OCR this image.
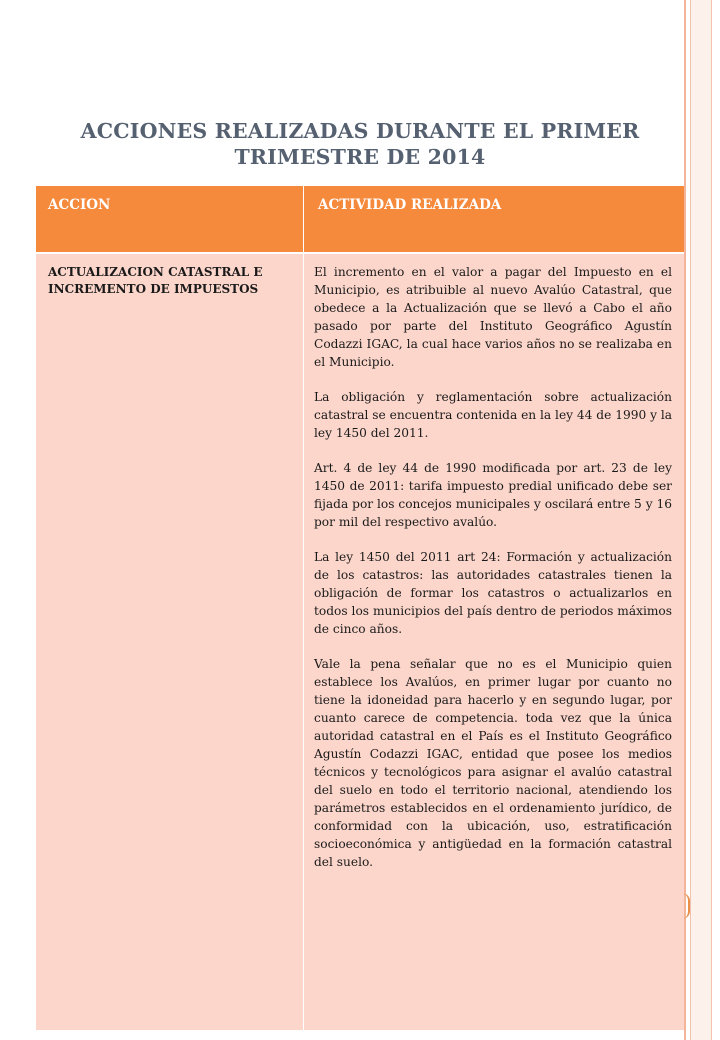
ACCIONES REALIZADAS DURANTE EL PRIMER TRIMESTRE DE 2014
ACCION	ACTIVIDAD REALIZADA
ACTUALIZACION CATASTRAL E INCREMENTO DE IMPUESTOS

El incremento en el valor a pagar del Impuesto en el Municipio, es atribuible al nuevo Avalúo Catastral, que obedece a la Actualización que se llevó a Cabo el año pasado por parte del Instituto Geográfico Agustín Codazzi IGAC, la cual hace varios años no se realizaba en el Municipio.

La obligación y reglamentación sobre actualización catastral se encuentra contenida en la ley 44 de 1990 y la ley 1450 del 2011.

Art. 4 de ley 44 de 1990 modificada por art. 23 de ley 1450 de 2011: tarifa impuesto predial unificado debe ser fijada por los concejos municipales y oscilará entre 5 y 16 por mil del respectivo avalúo.

La ley 1450 del 2011 art 24: Formación y actualización de los catastros: las autoridades catastrales tienen la obligación de formar los catastros o actualizarlos en todos los municipios del país dentro de periodos máximos de cinco años.

Vale la pena señalar que no es el Municipio quien establece los Avalúos, en primer lugar por cuanto no tiene la idoneidad para hacerlo y en segundo lugar, por cuanto carece de competencia. toda vez que la única autoridad catastral en el País es el Instituto Geográfico Agustín Codazzi IGAC, entidad que posee los medios técnicos y tecnológicos para asignar el avalúo catastral del suelo en todo el territorio nacional, atendiendo los parámetros establecidos en el ordenamiento jurídico, de conformidad con la ubicación, uso, estratificación socioeconómica y antigüedad en la formación catastral del suelo.
